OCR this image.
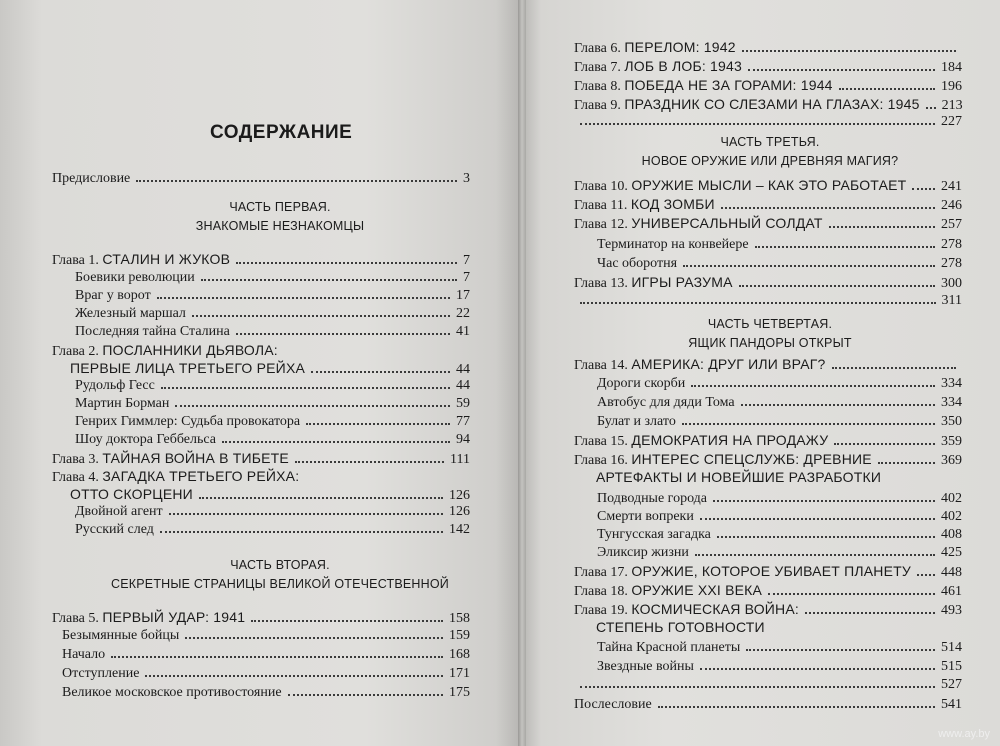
СОДЕРЖАНИЕ
Предисловие	3
ЧАСТЬ ПЕРВАЯ.
ЗНАКОМЫЕ НЕЗНАКОМЦЫ
Глава 1. СТАЛИН И ЖУКОВ	7
Боевики революции	7
Враг у ворот	17
Железный маршал	22
Последняя тайна Сталина	41
Глава 2. ПОСЛАННИКИ ДЬЯВОЛА:
ПЕРВЫЕ ЛИЦА ТРЕТЬЕГО РЕЙХА	44
Рудольф Гесс	44
Мартин Борман	59
Генрих Гиммлер: Судьба провокатора	77
Шоу доктора Геббельса	94
Глава 3. ТАЙНАЯ ВОЙНА В ТИБЕТЕ	111
Глава 4. ЗАГАДКА ТРЕТЬЕГО РЕЙХА:
ОТТО СКОРЦЕНИ	126
Двойной агент	126
Русский след	142
ЧАСТЬ ВТОРАЯ.
СЕКРЕТНЫЕ СТРАНИЦЫ ВЕЛИКОЙ ОТЕЧЕСТВЕННОЙ
Глава 5. ПЕРВЫЙ УДАР: 1941	158
Безымянные бойцы	159
Начало	168
Отступление	171
Великое московское противостояние	175
Глава 6. ПЕРЕЛОМ: 1942
Глава 7. ЛОБ В ЛОБ: 1943	184
Глава 8. ПОБЕДА НЕ ЗА ГОРАМИ: 1944	196
Глава 9. ПРАЗДНИК СО СЛЕЗАМИ НА ГЛАЗАХ: 1945 213
227
ЧАСТЬ ТРЕТЬЯ.
НОВОЕ ОРУЖИЕ ИЛИ ДРЕВНЯЯ МАГИЯ?
Глава 10. ОРУЖИЕ МЫСЛИ – КАК ЭТО РАБОТАЕТ 241
Глава 11. КОД ЗОМБИ	246
Глава 12. УНИВЕРСАЛЬНЫЙ СОЛДАТ	257
Терминатор на конвейере	278
Час оборотня	278
Глава 13. ИГРЫ РАЗУМА	300
311
ЧАСТЬ ЧЕТВЕРТАЯ.
ЯЩИК ПАНДОРЫ ОТКРЫТ
Глава 14. АМЕРИКА: ДРУГ ИЛИ ВРАГ?
Дороги скорби	334
Автобус для дяди Тома	334
Булат и злато	350
Глава 15. ДЕМОКРАТИЯ НА ПРОДАЖУ	359
Глава 16. ИНТЕРЕС СПЕЦСЛУЖБ: ДРЕВНИЕ	369
АРТЕФАКТЫ И НОВЕЙШИЕ РАЗРАБОТКИ
Подводные города	402
Смерти вопреки	402
Тунгусская загадка	408
Эликсир жизни	425
Глава 17. ОРУЖИЕ, КОТОРОЕ УБИВАЕТ ПЛАНЕТУ 448
Глава 18. ОРУЖИЕ XXI ВЕКА	461
Глава 19. КОСМИЧЕСКАЯ ВОЙНА:	493
СТЕПЕНЬ ГОТОВНОСТИ
Тайна Красной планеты	514
Звездные войны	515
527
Послесловие	541
www.ay.by
